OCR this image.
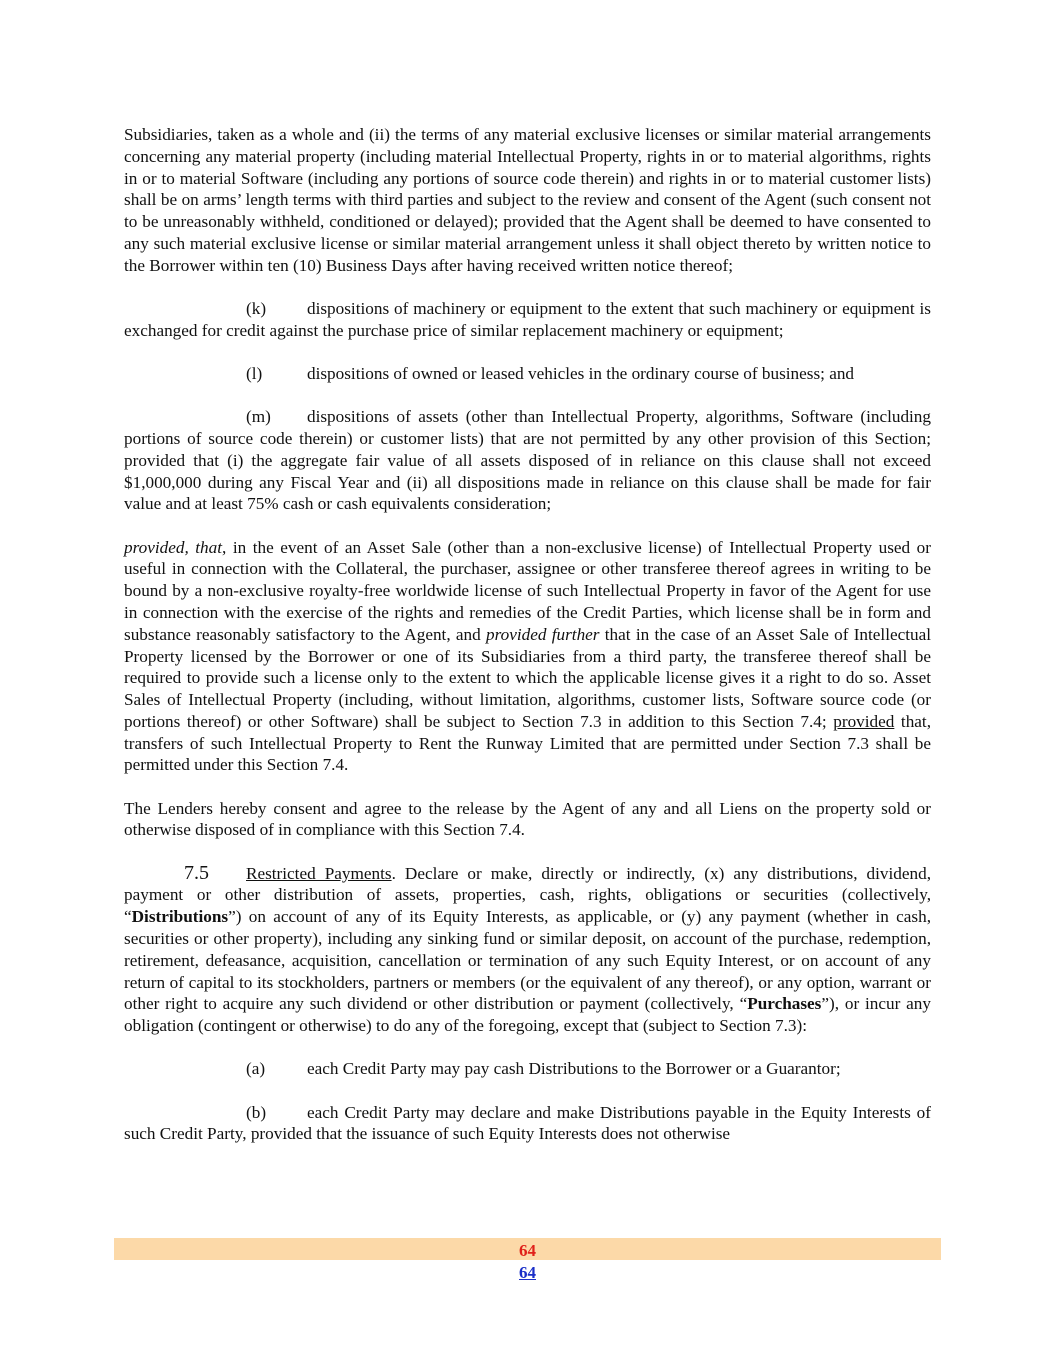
Subsidiaries, taken as a whole and (ii) the terms of any material exclusive licenses or similar material arrangements concerning any material property (including material Intellectual Property, rights in or to material algorithms, rights in or to material Software (including any portions of source code therein) and rights in or to material customer lists) shall be on arms’ length terms with third parties and subject to the review and consent of the Agent (such consent not to be unreasonably withheld, conditioned or delayed); provided that the Agent shall be deemed to have consented to any such material exclusive license or similar material arrangement unless it shall object thereto by written notice to the Borrower within ten (10) Business Days after having received written notice thereof;

(k) dispositions of machinery or equipment to the extent that such machinery or equipment is exchanged for credit against the purchase price of similar replacement machinery or equipment;

(l)	dispositions of owned or leased vehicles in the ordinary course of business; and

(m) dispositions of assets (other than Intellectual Property, algorithms, Software (including portions of source code therein) or customer lists) that are not permitted by any other provision of this Section; provided that (i) the aggregate fair value of all assets disposed of in reliance on this clause shall not exceed $1,000,000 during any Fiscal Year and (ii) all dispositions made in reliance on this clause shall be made for fair value and at least 75% cash or cash equivalents consideration;

provided, that, in the event of an Asset Sale (other than a non-exclusive license) of Intellectual Property used or useful in connection with the Collateral, the purchaser, assignee or other transferee thereof agrees in writing to be bound by a non-exclusive royalty-free worldwide license of such Intellectual Property in favor of the Agent for use in connection with the exercise of the rights and remedies of the Credit Parties, which license shall be in form and substance reasonably satisfactory to the Agent, and provided further that in the case of an Asset Sale of Intellectual Property licensed by the Borrower or one of its Subsidiaries from a third party, the transferee thereof shall be required to provide such a license only to the extent to which the applicable license gives it a right to do so. Asset Sales of Intellectual Property (including, without limitation, algorithms, customer lists, Software source code (or portions thereof) or other Software) shall be subject to Section 7.3 in addition to this Section 7.4; provided that, transfers of such Intellectual Property to Rent the Runway Limited that are permitted under Section 7.3 shall be permitted under this Section 7.4.

The Lenders hereby consent and agree to the release by the Agent of any and all Liens on the property sold or otherwise disposed of in compliance with this Section 7.4.

7.5 Restricted Payments. Declare or make, directly or indirectly, (x) any distributions, dividend, payment or other distribution of assets, properties, cash, rights, obligations or securities (collectively, “Distributions”) on account of any of its Equity Interests, as applicable, or (y) any payment (whether in cash, securities or other property), including any sinking fund or similar deposit, on account of the purchase, redemption, retirement, defeasance, acquisition, cancellation or termination of any such Equity Interest, or on account of any return of capital to its stockholders, partners or members (or the equivalent of any thereof), or any option, warrant or other right to acquire any such dividend or other distribution or payment (collectively, “Purchases”), or incur any obligation (contingent or otherwise) to do any of the foregoing, except that (subject to Section 7.3):

(a) each Credit Party may pay cash Distributions to the Borrower or a Guarantor;

(b) each Credit Party may declare and make Distributions payable in the Equity Interests of such Credit Party, provided that the issuance of such Equity Interests does not otherwise

64
64
